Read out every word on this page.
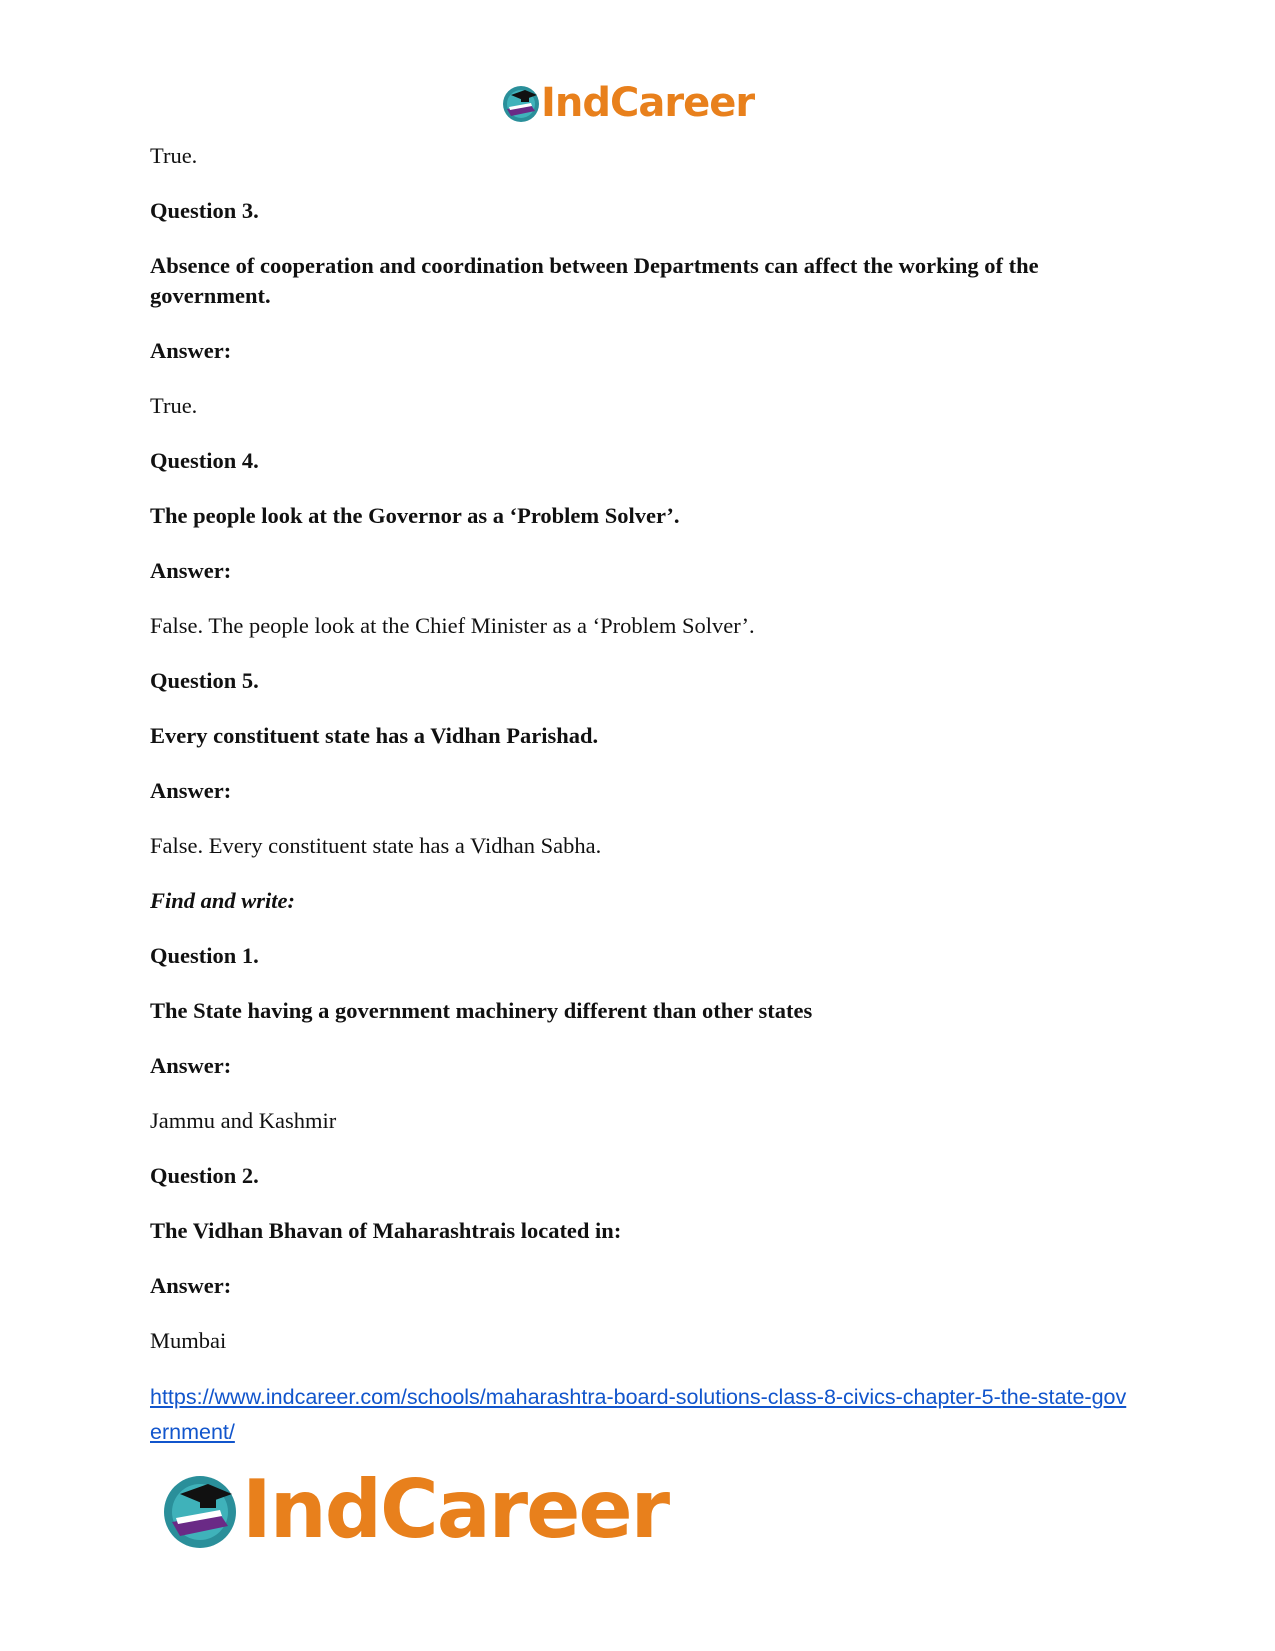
IndCareer

True.

Question 3.

Absence of cooperation and coordination between Departments can affect the working of the government.

Answer:

True.

Question 4.

The people look at the Governor as a ‘Problem Solver’.

Answer:

False. The people look at the Chief Minister as a ‘Problem Solver’.

Question 5.

Every constituent state has a Vidhan Parishad.

Answer:

False. Every constituent state has a Vidhan Sabha.

Find and write:

Question 1.

The State having a government machinery different than other states

Answer:

Jammu and Kashmir

Question 2.

The Vidhan Bhavan of Maharashtrais located in:

Answer:

Mumbai

https://www.indcareer.com/schools/maharashtra-board-solutions-class-8-civics-chapter-5-the-state-government/
IndCareer
